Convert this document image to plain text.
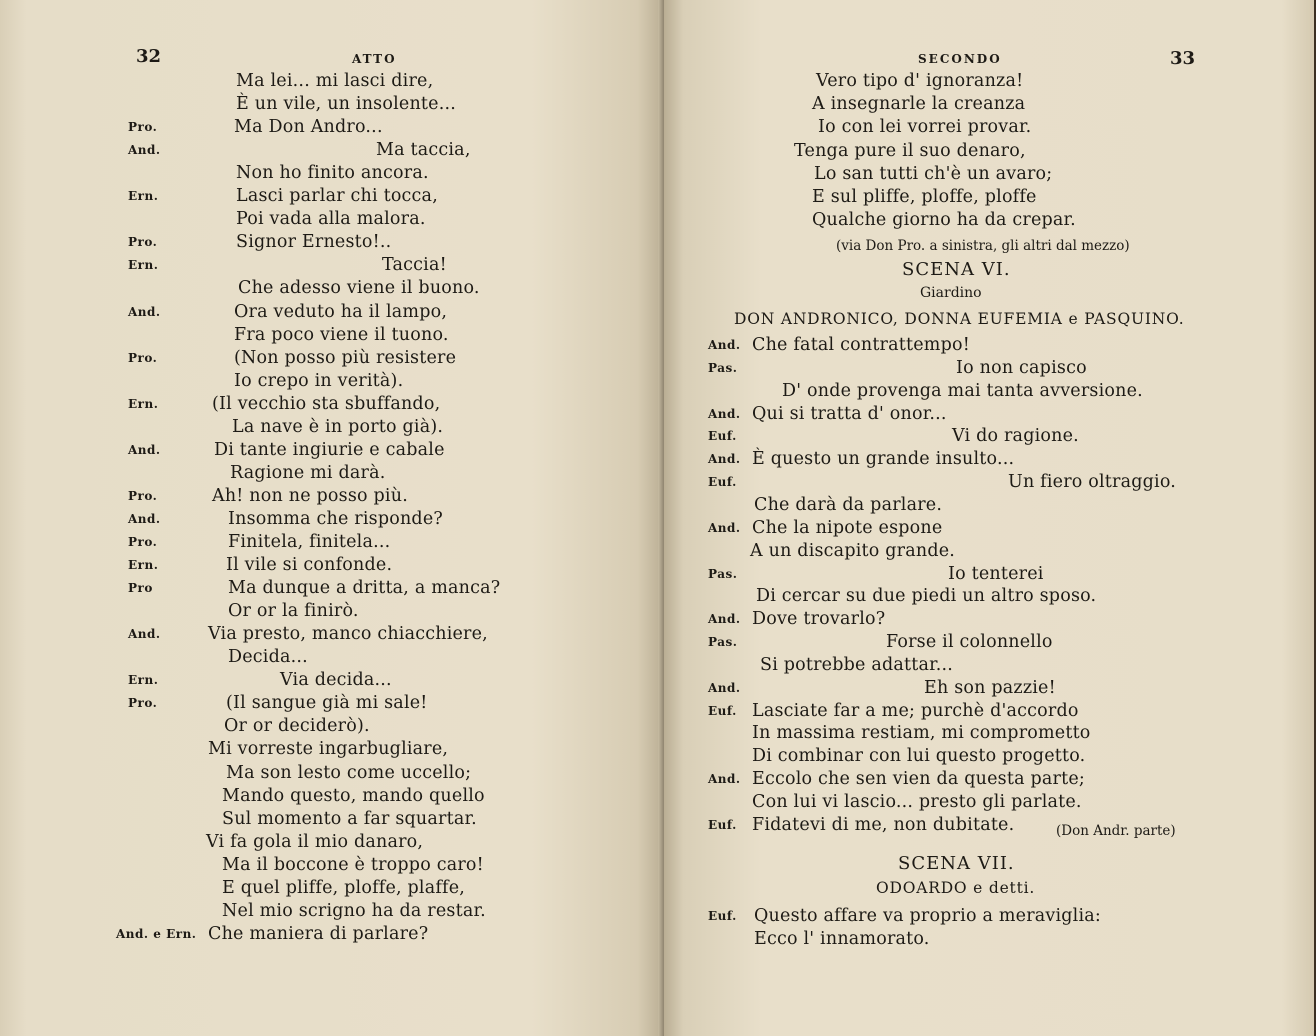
32	ATTO
Ma lei... mi lasci dire,
È un vile, un insolente...
Pro.	Ma Don Andro...
And.	Ma taccia,
Non ho finito ancora.
Ern.	Lasci parlar chi tocca,
Poi vada alla malora.
Pro.	Signor Ernesto!..
Ern.	Taccia!
Che adesso viene il buono.
And.	Ora veduto ha il lampo,
Fra poco viene il tuono.
Pro.	(Non posso più resistere
Io crepo in verità).
Ern.	(Il vecchio sta sbuffando,
La nave è in porto già).
And.	Di tante ingiurie e cabale
Ragione mi darà.
Pro.	Ah! non ne posso più.
And.	Insomma che risponde?
Pro.	Finitela, finitela...
Ern.	Il vile si confonde.
Pro	Ma dunque a dritta, a manca?
Or or la finirò.
And.	Via presto, manco chiacchiere,
Decida...
Ern.	Via decida...
Pro.	(Il sangue già mi sale!
Or or deciderò).
Mi vorreste ingarbugliare,
Ma son lesto come uccello;
Mando questo, mando quello
Sul momento a far squartar.
Vi fa gola il mio danaro,
Ma il boccone è troppo caro!
E quel pliffe, ploffe, plaffe,
Nel mio scrigno ha da restar.
And. e Ern. Che maniera di parlare?
SECONDO	33
Vero tipo d' ignoranza!
A insegnarle la creanza
Io con lei vorrei provar.
Tenga pure il suo denaro,
Lo san tutti ch'è un avaro;
E sul pliffe, ploffe, ploffe
Qualche giorno ha da crepar.
(via Don Pro. a sinistra, gli altri dal mezzo)
SCENA VI.
Giardino
DON ANDRONICO, DONNA EUFEMIA e PASQUINO.
And. Che fatal contrattempo!
Pas.	Io non capisco
D' onde provenga mai tanta avversione.
And. Qui si tratta d' onor...
Euf.	Vi do ragione.
And. È questo un grande insulto...
Euf.	Un fiero oltraggio.
Che darà da parlare.
And. Che la nipote espone
A un discapito grande.
Pas.	Io tenterei
Di cercar su due piedi un altro sposo.
And. Dove trovarlo?
Pas.	Forse il colonnello
Si potrebbe adattar...
And.	Eh son pazzie!
Euf. Lasciate far a me; purchè d'accordo
In massima restiam, mi comprometto
Di combinar con lui questo progetto.
And. Eccolo che sen vien da questa parte;
Con lui vi lascio... presto gli parlate.
Euf. Fidatevi di me, non dubitate.	(Don Andr. parte)
SCENA VII.
ODOARDO e detti.
Euf. Questo affare va proprio a meraviglia:
Ecco l' innamorato.
